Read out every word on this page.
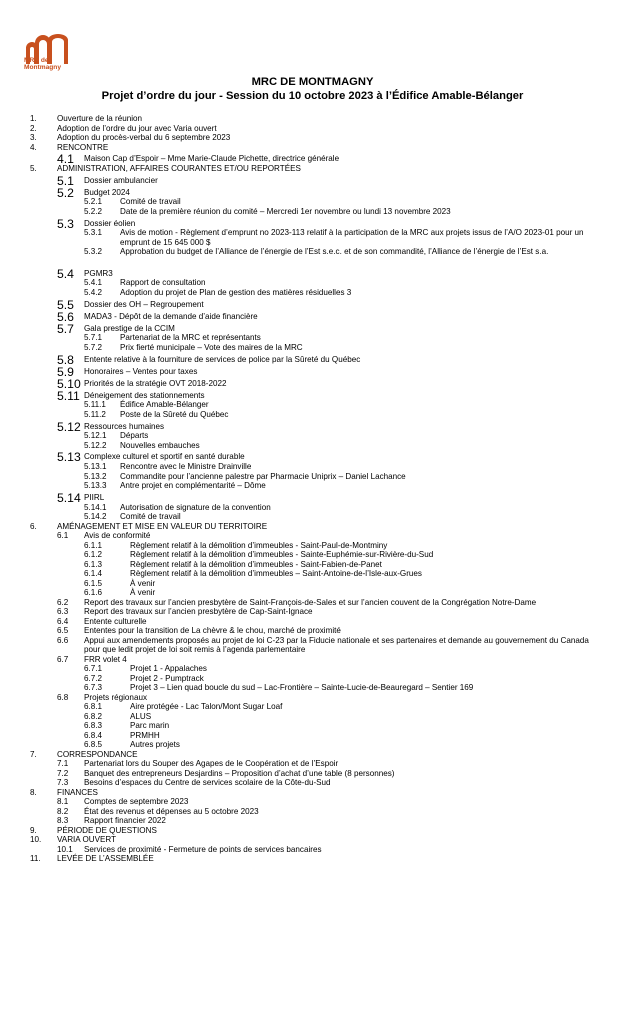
MRC de
Montmagny
MRC DE MONTMAGNY
Projet d’ordre du jour - Session du 10 octobre 2023 à l’Édifice Amable-Bélanger
1. Ouverture de la réunion
2. Adoption de l’ordre du jour avec Varia ouvert
3. Adoption du procès-verbal du 6 septembre 2023
4. RENCONTRE
4.1 Maison Cap d’Espoir – Mme Marie-Claude Pichette, directrice générale
5. ADMINISTRATION, AFFAIRES COURANTES ET/OU REPORTÉES
5.1 Dossier ambulancier
5.2 Budget 2024
5.2.1 Comité de travail
5.2.2 Date de la première réunion du comité – Mercredi 1er novembre ou lundi 13 novembre 2023
5.3 Dossier éolien
5.3.1 Avis de motion - Règlement d’emprunt no 2023-113 relatif à la participation de la MRC aux projets issus de l’A/O 2023-01 pour un emprunt de 15 645 000 $
5.3.2 Approbation du budget de l’Alliance de l’énergie de l’Est s.e.c. et de son commandité, l’Alliance de l’énergie de l’Est s.a.
5.4 PGMR3
5.4.1 Rapport de consultation
5.4.2 Adoption du projet de Plan de gestion des matières résiduelles 3
5.5 Dossier des OH – Regroupement
5.6 MADA3 - Dépôt de la demande d’aide financière
5.7 Gala prestige de la CCIM
5.7.1 Partenariat de la MRC et représentants
5.7.2 Prix fierté municipale – Vote des maires de la MRC
5.8 Entente relative à la fourniture de services de police par la Sûreté du Québec
5.9 Honoraires – Ventes pour taxes
5.10 Priorités de la stratégie OVT 2018-2022
5.11 Déneigement des stationnements
5.11.1 Édifice Amable-Bélanger
5.11.2 Poste de la Sûreté du Québec
5.12 Ressources humaines
5.12.1 Départs
5.12.2 Nouvelles embauches
5.13 Complexe culturel et sportif en santé durable
5.13.1 Rencontre avec le Ministre Drainville
5.13.2 Commandite pour l’ancienne palestre par Pharmacie Uniprix – Daniel Lachance
5.13.3 Antre projet en complémentarité – Dôme
5.14 PIIRL
5.14.1 Autorisation de signature de la convention
5.14.2 Comité de travail
6. AMÉNAGEMENT ET MISE EN VALEUR DU TERRITOIRE
6.1 Avis de conformité
6.1.1	Règlement relatif à la démolition d’immeubles - Saint-Paul-de-Montminy
6.1.2	Règlement relatif à la démolition d’immeubles - Sainte-Euphémie-sur-Rivière-du-Sud
6.1.3	Règlement relatif à la démolition d’immeubles - Saint-Fabien-de-Panet
6.1.4	Règlement relatif à la démolition d’immeubles – Saint-Antoine-de-l’Isle-aux-Grues
6.1.5	À venir
6.1.6	À venir
6.2 Report des travaux sur l’ancien presbytère de Saint-François-de-Sales et sur l’ancien couvent de la Congrégation Notre-Dame
6.3 Report des travaux sur l’ancien presbytère de Cap-Saint-Ignace
6.4 Entente culturelle
6.5 Ententes pour la transition de La chèvre & le chou, marché de proximité
6.6 Appui aux amendements proposés au projet de loi C-23 par la Fiducie nationale et ses partenaires et demande au gouvernement du Canada pour que ledit projet de loi soit remis à l’agenda parlementaire
6.7 FRR volet 4
6.7.1	Projet 1 - Appalaches
6.7.2	Projet 2 - Pumptrack
6.7.3	Projet 3 – Lien quad boucle du sud – Lac-Frontière – Sainte-Lucie-de-Beauregard – Sentier 169
6.8 Projets régionaux
6.8.1	Aire protégée - Lac Talon/Mont Sugar Loaf
6.8.2	ALUS
6.8.3	Parc marin
6.8.4	PRMHH
6.8.5	Autres projets
7. CORRESPONDANCE
7.1 Partenariat lors du Souper des Agapes de le Coopération et de l’Espoir
7.2 Banquet des entrepreneurs Desjardins – Proposition d’achat d’une table (8 personnes)
7.3 Besoins d’espaces du Centre de services scolaire de la Côte-du-Sud
8. FINANCES
8.1 Comptes de septembre 2023
8.2 État des revenus et dépenses au 5 octobre 2023
8.3 Rapport financier 2022
9. PÉRIODE DE QUESTIONS
10. VARIA OUVERT
10.1 Services de proximité - Fermeture de points de services bancaires
11. LEVÉE DE L’ASSEMBLÉE
